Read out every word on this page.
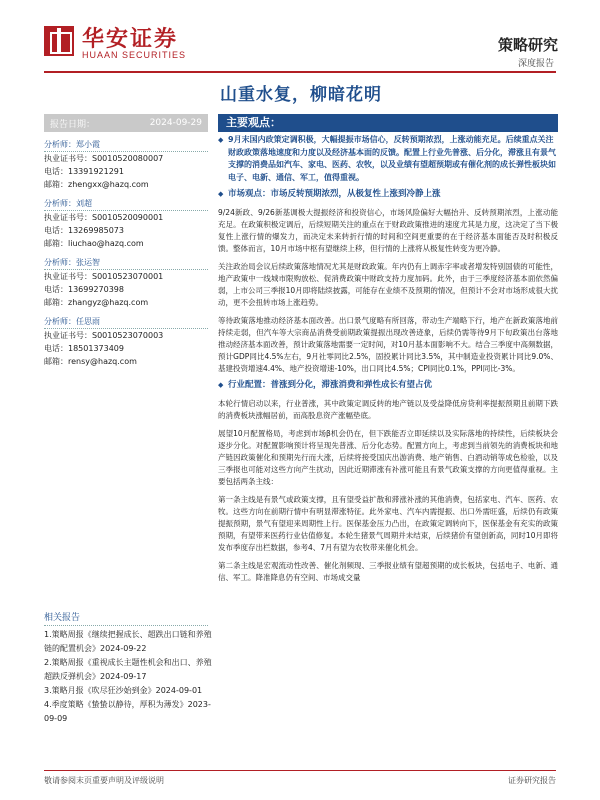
华安证券
HUAAN SECURITIES
策略研究
深度报告
山重水复，柳暗花明
报告日期：	2024-09-29
分析师：郑小霞
执业证书号：S0010520080007
电话：13391921291
邮箱：zhengxx@hazq.com
分析师：刘超
执业证书号：S0010520090001
电话：13269985073
邮箱：liuchao@hazq.com
分析师：张运智
执业证书号：S0010523070001
电话：13699270398
邮箱：zhangyz@hazq.com
分析师：任思雨
执业证书号：S0010523070003
电话：18501373409
邮箱：rensy@hazq.com
相关报告
1.策略周报《继续把握成长、超跌出口链和养殖链的配置机会》2024-09-22
2.策略周报《重视成长主题性机会和出口、养殖超跌反弹机会》2024-09-17
3.策略月报《吹尽狂沙始到金》2024-09-01
4.季度策略《蛰蛰以静待，厚积为薄发》2023-09-09
主要观点：
◆ 9月末国内政策定调积极，大幅提振市场信心，反转预期浓烈，上涨动能充足。后续重点关注财政政策落地速度和力度以及经济基本面的反馈。配置上行业先普涨、后分化，滞涨且有景气支撑的消费品如汽车、家电、医药、农牧，以及业绩有望超预期或有催化剂的成长弹性板块如电子、电新、通信、军工，值得重视。
◆ 市场观点：市场反转预期浓烈，从极复性上涨到冷静上涨
9/24新政、9/26新基调极大提振经济和投资信心，市场风险偏好大幅抬升、反转预期浓烈，上涨动能充足。在政策积极定调后，后续短期关注的重点在于财政政策推进的速度尤其是力度，这决定了当下极复性上涨行情的爆发力，而决定未来转折行情的时间和空间更重要的在于经济基本面能否及时积极反馈。整体而言，10月市场中枢有望继续上移，但行情的上涨将从极复性转变为更冷静。
关注政治局会议后续政策落地情况尤其是财政政策。年内仍有上调赤字率或者增发特别国债的可能性，地产政策中一线城市限购放松、促消费政策中财政支持力度加码。此外，由于三季度经济基本面依然偏弱，上市公司三季报10月即将陆续披露，可能存在业绩不及预期的情况，但预计不会对市场形成很大扰动，更不会扭转市场上涨趋势。
等待政策落地推动经济基本面改善。出口景气度略有所回落，带动生产端略下行，地产在新政策落地前持续走弱，但汽车等大宗商品消费受前期政策提振出现改善迹象，后续仍需等待9月下旬政策出台落地推动经济基本面改善，预计政策落地需要一定时间，对10月基本面影响不大。结合三季度中高频数据，预计GDP同比4.5%左右，9月社零同比2.5%，固投累计同比3.5%，其中制造业投资累计同比9.0%、基建投资增速4.4%、地产投资增速-10%，出口同比4.5%；CPI同比0.1%，PPI同比-3%。
◆ 行业配置：普涨到分化，滞涨消费和弹性成长有望占优
本轮行情启动以来，行业普涨，其中政策定调反转的地产链以及受益降低房贷利率提振预期且前期下跌的消费板块涨幅居前，而高股息资产涨幅垫底。
展望10月配置格局，考虑到市场β机会仍在，但下跌能否立即延续以及实际落地的持续性，后续板块会逐步分化。对配置影响预计将呈现先普涨、后分化态势。配置方向上，考虑到当前领先的消费板块和地产链因政策催化和预期先行而大涨，后续将接受国庆出游消费、地产销售、白酒动销等成色检验，以及三季报也可能对这些方向产生扰动，因此近期滞涨有补涨可能且有景气政策支撑的方向更值得重视。主要包括两条主线：
第一条主线是有景气或政策支撑，且有望受益扩散和滞涨补涨的其他消费，包括家电、汽车、医药、农牧。这些方向在前期行情中有明显滞涨特征。此外家电、汽车内需提振、出口外需旺盛，后续仍有政策提振预期，景气有望迎来周期性上行。医保基金压力凸出，在政策定调转向下，医保基金有充实的政策预期，有望带来医药行业估值修复。本轮生猪景气周期并未结束，后续猪价有望创新高，同时10月即将发布季度存出栏数据，参考4、7月有望为农牧带来催化机会。
第二条主线是宏观流动性改善、催化剂频现、三季报业绩有望超预期的成长板块，包括电子、电新、通信、军工。降准降息仍有空间、市场成交量
敬请参阅末页重要声明及评级说明	证券研究报告
